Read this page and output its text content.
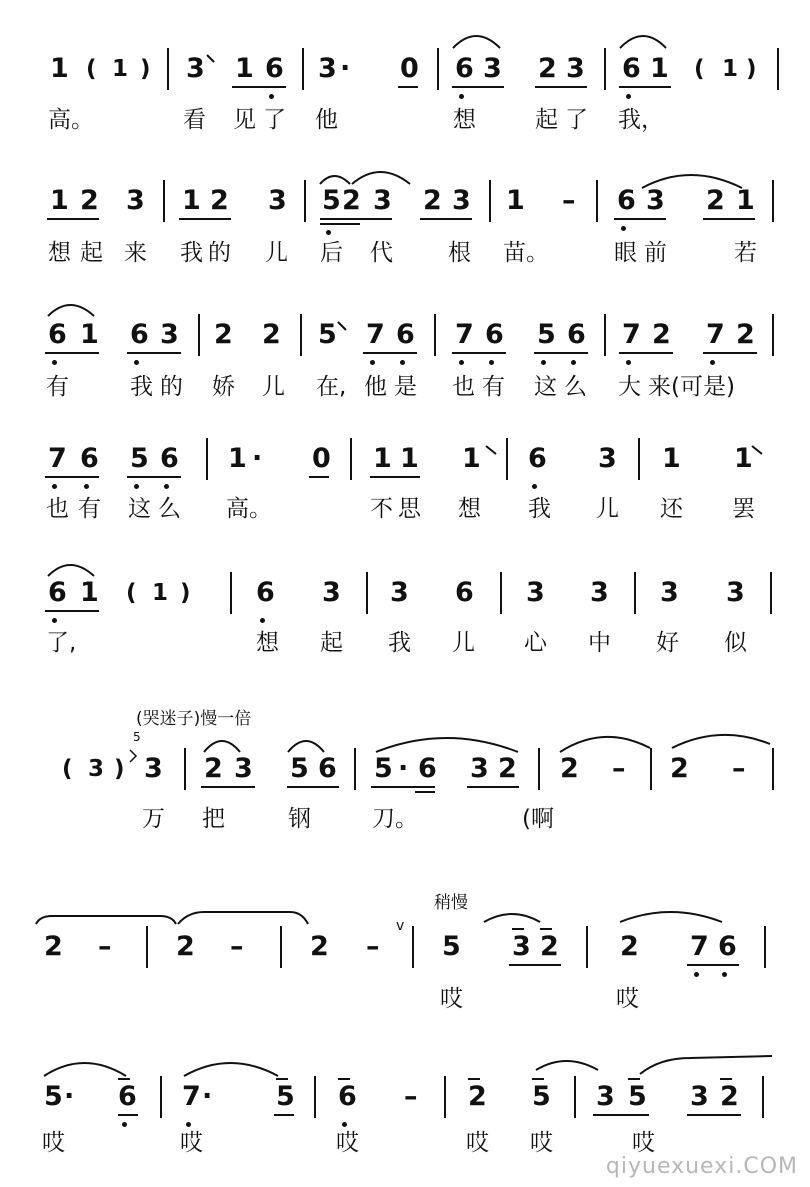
1 ( 1 ) 3 1 6 3 · 0 6 3 2 3 6 1 ( 1 )
高。	看 见 了 他	想	起 了 我，
1 2 3 1 2 3 5 2 3 2 3 1 – 6 3 2 1
想 起 来 我 的 儿 后 代 根 苗。	眼 前	若
6 1 6 3 2 2 5 7 6 7 6 5 6 7 2 7 2
有	我 的 娇 儿 在, 他 是 也 有 这 么 大 来(可是)
7 6 5 6 1 · 0 1 1 1 6 3 1 1
也 有 这 么 高。	不 思 想 我 儿 还 罢
6 1 ( 1 ) 6 3 3 6 3 3 3 3
了,	想 起 我 儿 心 中 好 似
(哭迷子)慢一倍
5
( 3 ) 3 2 3 5 6 5 · 6 3 2 2 – 2 –
万 把	钢	刀。	(啊
稍慢
2 – 2 – 2 –
v
5 3 2 2 7 6
哎	哎
5 · 6 7 · 5 6 – 2 5 3 5 3 2
哎	哎	哎	哎 哎	哎
qiyuexuexi.COM
